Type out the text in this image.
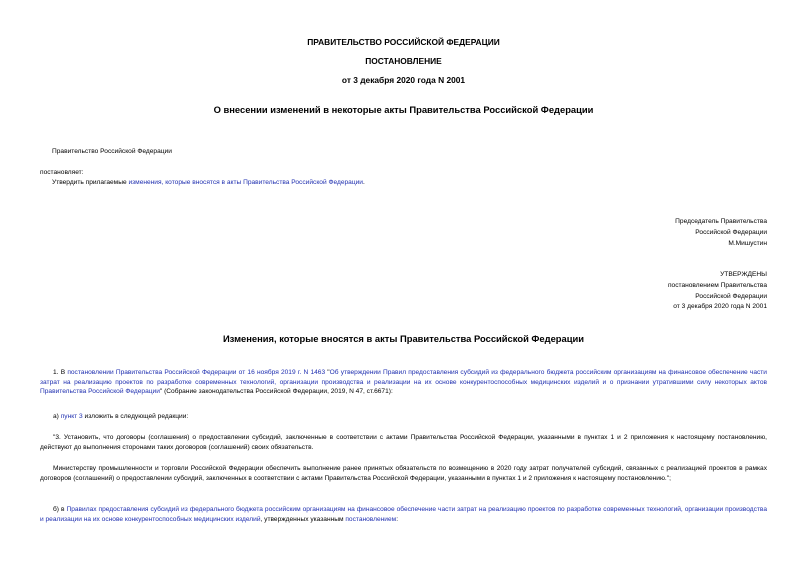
ПРАВИТЕЛЬСТВО РОССИЙСКОЙ ФЕДЕРАЦИИ
ПОСТАНОВЛЕНИЕ
от 3 декабря 2020 года N 2001
О внесении изменений в некоторые акты Правительства Российской Федерации
Правительство Российской Федерации
постановляет:
Утвердить прилагаемые изменения, которые вносятся в акты Правительства Российской Федерации.
Председатель Правительства
Российской Федерации
М.Мишустин
УТВЕРЖДЕНЫ
постановлением Правительства
Российской Федерации
от 3 декабря 2020 года N 2001
Изменения, которые вносятся в акты Правительства Российской Федерации
1. В постановлении Правительства Российской Федерации от 16 ноября 2019 г. N 1463 "Об утверждении Правил предоставления субсидий из федерального бюджета российским организациям на финансовое обеспечение части затрат на реализацию проектов по разработке современных технологий, организации производства и реализации на их основе конкурентоспособных медицинских изделий и о признании утратившими силу некоторых актов Правительства Российской Федерации" (Собрание законодательства Российской Федерации, 2019, N 47, ст.6671):
а) пункт 3 изложить в следующей редакции:
"3. Установить, что договоры (соглашения) о предоставлении субсидий, заключенные в соответствии с актами Правительства Российской Федерации, указанными в пунктах 1 и 2 приложения к настоящему постановлению, действуют до выполнения сторонами таких договоров (соглашений) своих обязательств.
Министерству промышленности и торговли Российской Федерации обеспечить выполнение ранее принятых обязательств по возмещению в 2020 году затрат получателей субсидий, связанных с реализацией проектов в рамках договоров (соглашений) о предоставлении субсидий, заключенных в соответствии с актами Правительства Российской Федерации, указанными в пунктах 1 и 2 приложения к настоящему постановлению.";
б) в Правилах предоставления субсидий из федерального бюджета российским организациям на финансовое обеспечение части затрат на реализацию проектов по разработке современных технологий, организации производства и реализации на их основе конкурентоспособных медицинских изделий, утвержденных указанным постановлением:
